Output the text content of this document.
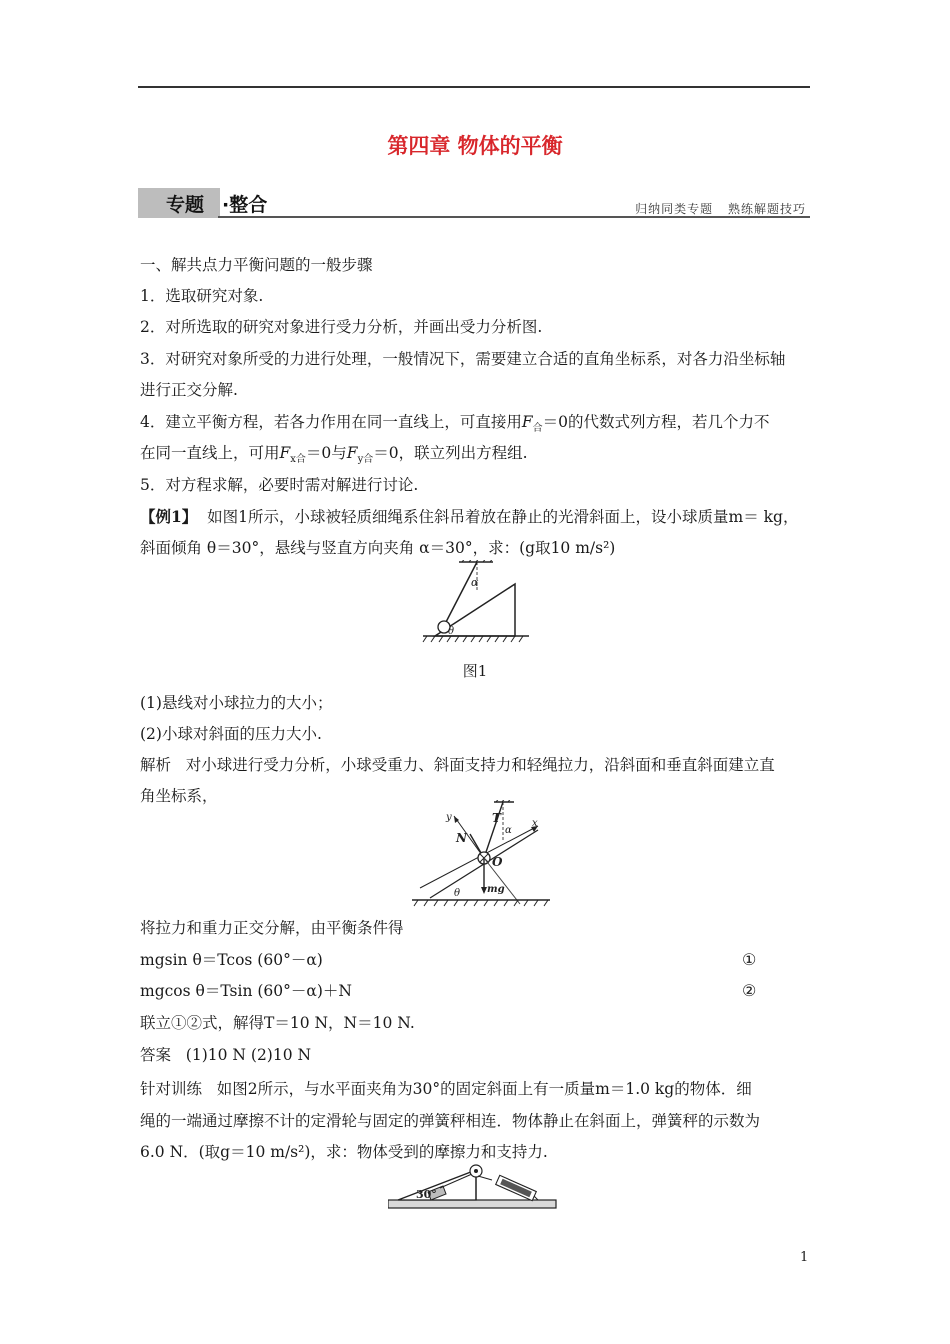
第四章 物体的平衡
专题 ·整合	归纳同类专题 熟练解题技巧
一、解共点力平衡问题的一般步骤
1．选取研究对象.
2．对所选取的研究对象进行受力分析，并画出受力分析图.
3．对研究对象所受的力进行处理，一般情况下，需要建立合适的直角坐标系，对各力沿坐标轴
进行正交分解.
4．建立平衡方程，若各力作用在同一直线上，可直接用$F_合=0$的代数式列方程，若几个力不
在同一直线上，可用$F_{x合}=0$与$F_{y合}=0$，联立列出方程组.
5．对方程求解，必要时需对解进行讨论.
【例1】 如图1所示，小球被轻质细绳系住斜吊着放在静止的光滑斜面上，设小球质量m＝ kg，
斜面倾角 θ＝30°，悬线与竖直方向夹角 α＝30°，求：(g取10 m/s²)
α
θ
图1
(1)悬线对小球拉力的大小；
(2)小球对斜面的压力大小.
解析 对小球进行受力分析，小球受重力、斜面支持力和轻绳拉力，沿斜面和垂直斜面建立直
角坐标系，
α
T	x
y
N
O
mg
θ
将拉力和重力正交分解，由平衡条件得
mgsin θ＝Tcos (60°－α)	①
mgcos θ＝Tsin (60°－α)＋N	②
联立①②式，解得T＝10 N，N＝10 N.
答案 (1)10 N (2)10 N
针对训练 如图2所示，与水平面夹角为30°的固定斜面上有一质量m＝1.0 kg的物体．细
绳的一端通过摩擦不计的定滑轮与固定的弹簧秤相连．物体静止在斜面上，弹簧秤的示数为
6.0 N．(取g＝10 m/s²)，求：物体受到的摩擦力和支持力.
30°
1
